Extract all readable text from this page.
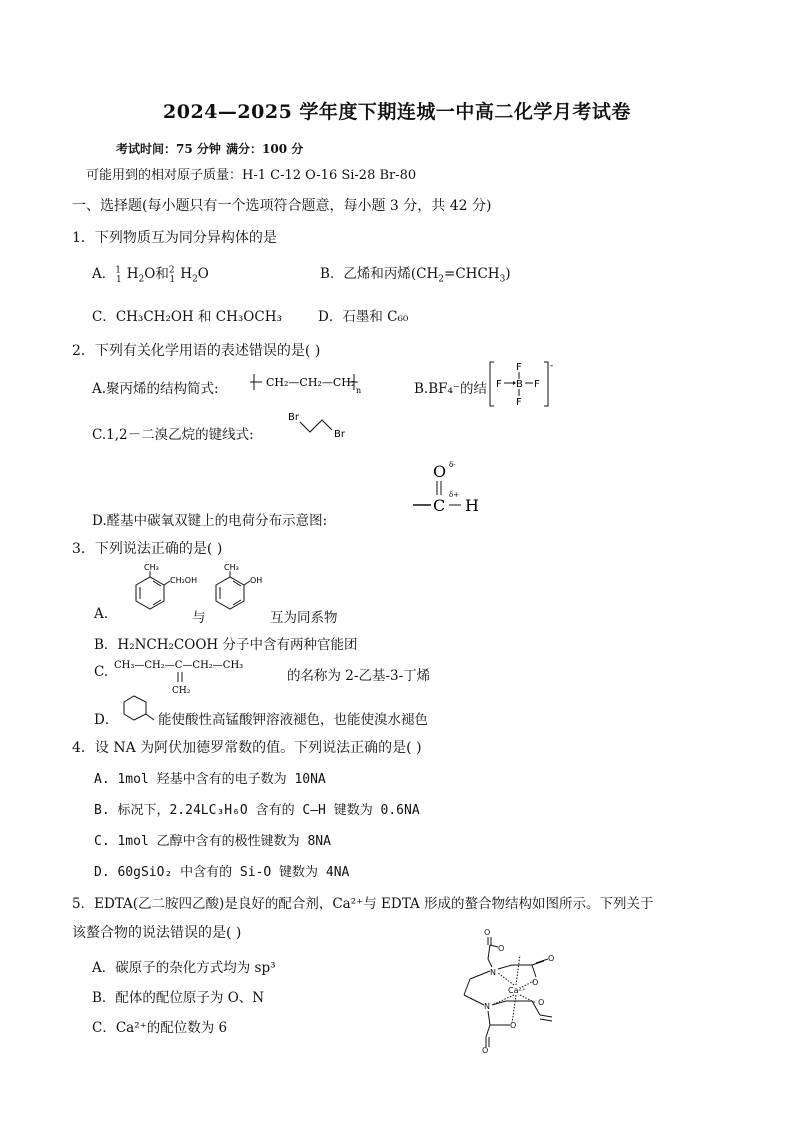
2024—2025 学年度下期连城一中高二化学月考试卷
考试时间：75 分钟 满分：100 分
可能用到的相对原子质量：H-1 C-12 O-16 Si-28 Br-80
一、选择题(每小题只有一个选项符合题意，每小题 3 分，共 42 分)
1．下列物质互为同分异构体的是
A．$^1_1$ $H_2O$和$^2_1$ $H_2O$	B．乙烯和丙烯$(CH_2=CHCH_3)$
C．CH₃CH₂OH 和 CH₃OCH₃	D．石墨和 C₆₀
2．下列有关化学用语的表述错误的是( )
A.聚丙烯的结构简式:	CH₂—CH₂—CH₂
n	B.BF₄⁻的结
-
F
F B F
F
C.1,2－二溴乙烷的键线式:
Br
Br
O δ-
δ+
C H
D.醛基中碳氧双键上的电荷分布示意图:
3．下列说法正确的是( )
A.
CH₃
CH₂OH
与
CH₃
OH
互为同系物
B．H₂NCH₂COOH 分子中含有两种官能团
C. CH₃—CH₂—C—CH₂—CH₃
CH₂
的名称为 2-乙基-3-丁烯
D．	能使酸性高锰酸钾溶液褪色，也能使溴水褪色
4．设 NA 为阿伏加德罗常数的值。下列说法正确的是( )
A. 1mol 羟基中含有的电子数为 10NA
B. 标况下，2.24LC₃H₆O 含有的 C—H 键数为 0.6NA
C. 1mol 乙醇中含有的极性键数为 8NA
D. 60gSiO₂ 中含有的 Si-O 键数为 4NA
5．EDTA(乙二胺四乙酸)是良好的配合剂，Ca²⁺与 EDTA 形成的螯合物结构如图所示。下列关于
该螯合物的说法错误的是( )
A．碳原子的杂化方式均为 sp³
B．配体的配位原子为 O、N
C．Ca²⁺的配位数为 6
O
O
N
O
O
N	O
O
O
Ca²⁺
